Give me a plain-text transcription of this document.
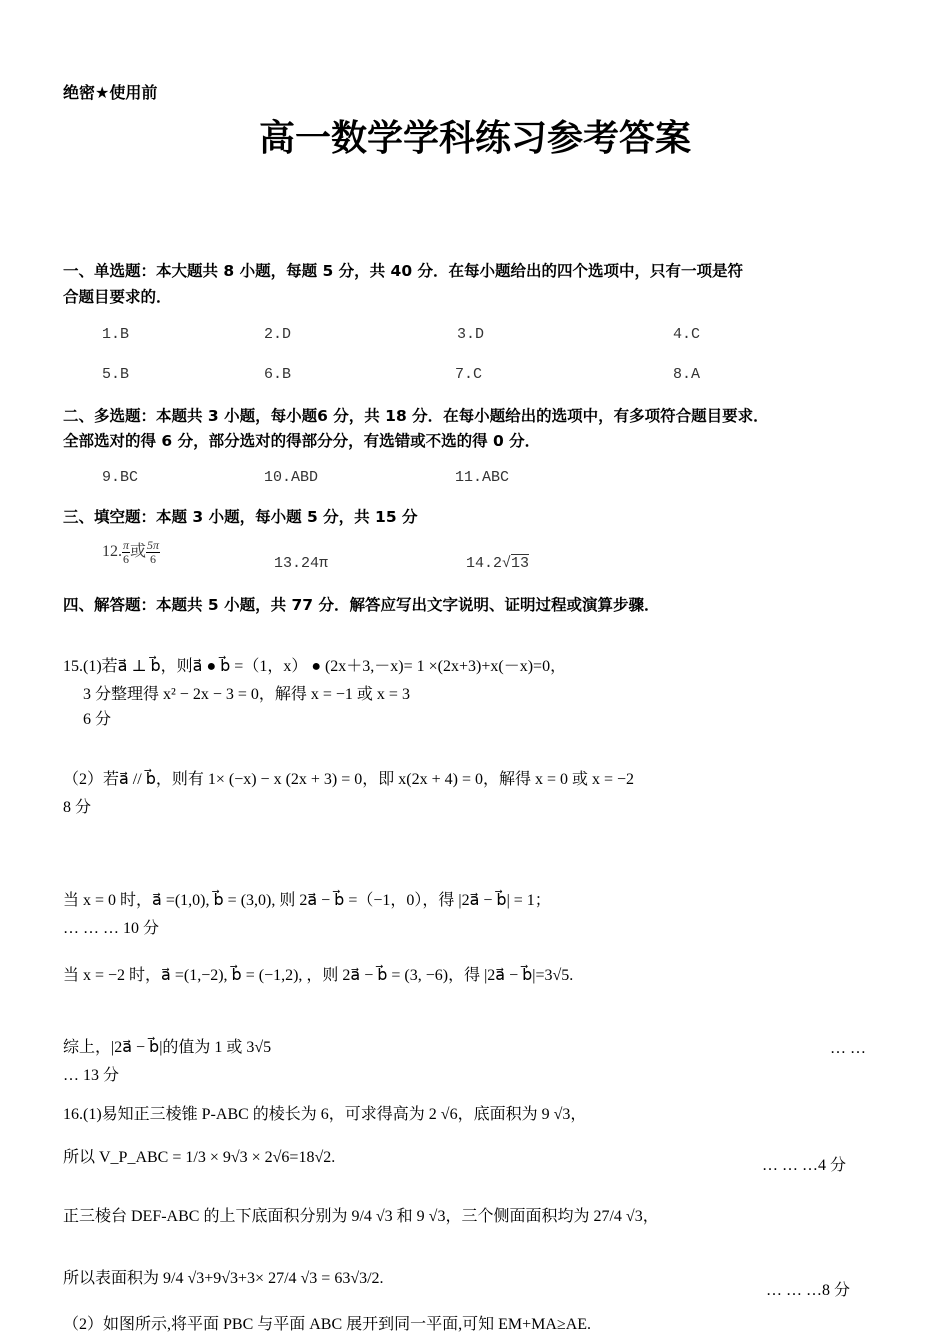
绝密★使用前
高一数学学科练习参考答案
一、单选题：本大题共 8 小题，每题 5 分，共 40 分．在每小题给出的四个选项中，只有一项是符
合题目要求的．
1.B	2.D	3.D	4.C
5.B	6.B	7.C	8.A
二、多选题：本题共 3 小题，每小题6 分，共 18 分．在每小题给出的选项中，有多项符合题目要求．
全部选对的得 6 分，部分选对的得部分分，有选错或不选的得 0 分．
9.BC	10.ABD	11.ABC
三、填空题：本题 3 小题，每小题 5 分，共 15 分
12. $\frac{\pi}{6}$ 或 $\frac{5\pi}{6}$	13.24π	14.2√13
四、解答题：本题共 5 小题，共 77 分．解答应写出文字说明、证明过程或演算步骤．
15.(1)若a⃗ ⊥ b⃗，则a⃗ ● b⃗ =（1，x） ● (2x＋3,－x)= 1 ×(2x+3)+x(－x)=0，
3 分整理得 x² − 2x − 3 = 0，解得 x = −1 或 x = 3
6 分
（2）若a⃗ // b⃗，则有 1× (−x) − x (2x + 3) = 0，即 x(2x + 4) = 0，解得 x = 0 或 x = −2
8 分
当 x = 0 时，a⃗ =(1,0), b⃗ = (3,0), 则 2a⃗ − b⃗ =（−1，0），得 |2a⃗ − b⃗| = 1；
… … … 10 分
当 x = −2 时，a⃗ =(1,−2), b⃗ = (−1,2), ，则 2a⃗ − b⃗ = (3, −6)，得 |2a⃗ − b⃗|=3√5.
综上，|2a⃗ − b⃗|的值为 1 或 3√5	… …
… 13 分
16.(1)易知正三棱锥 P-ABC 的棱长为 6，可求得高为 2 √6，底面积为 9 √3，
所以 V_P_ABC = 1/3 × 9√3 × 2√6=18√2.	… … …4 分
正三棱台 DEF-ABC 的上下底面积分别为 9/4 √3 和 9 √3，三个侧面面积均为 27/4 √3，
所以表面积为 9/4 √3+9√3+3× 27/4 √3 = 63√3/2.
… … …8 分
（2）如图所示,将平面 PBC 与平面 ABC 展开到同一平面,可知 EM+MA≥AE.
